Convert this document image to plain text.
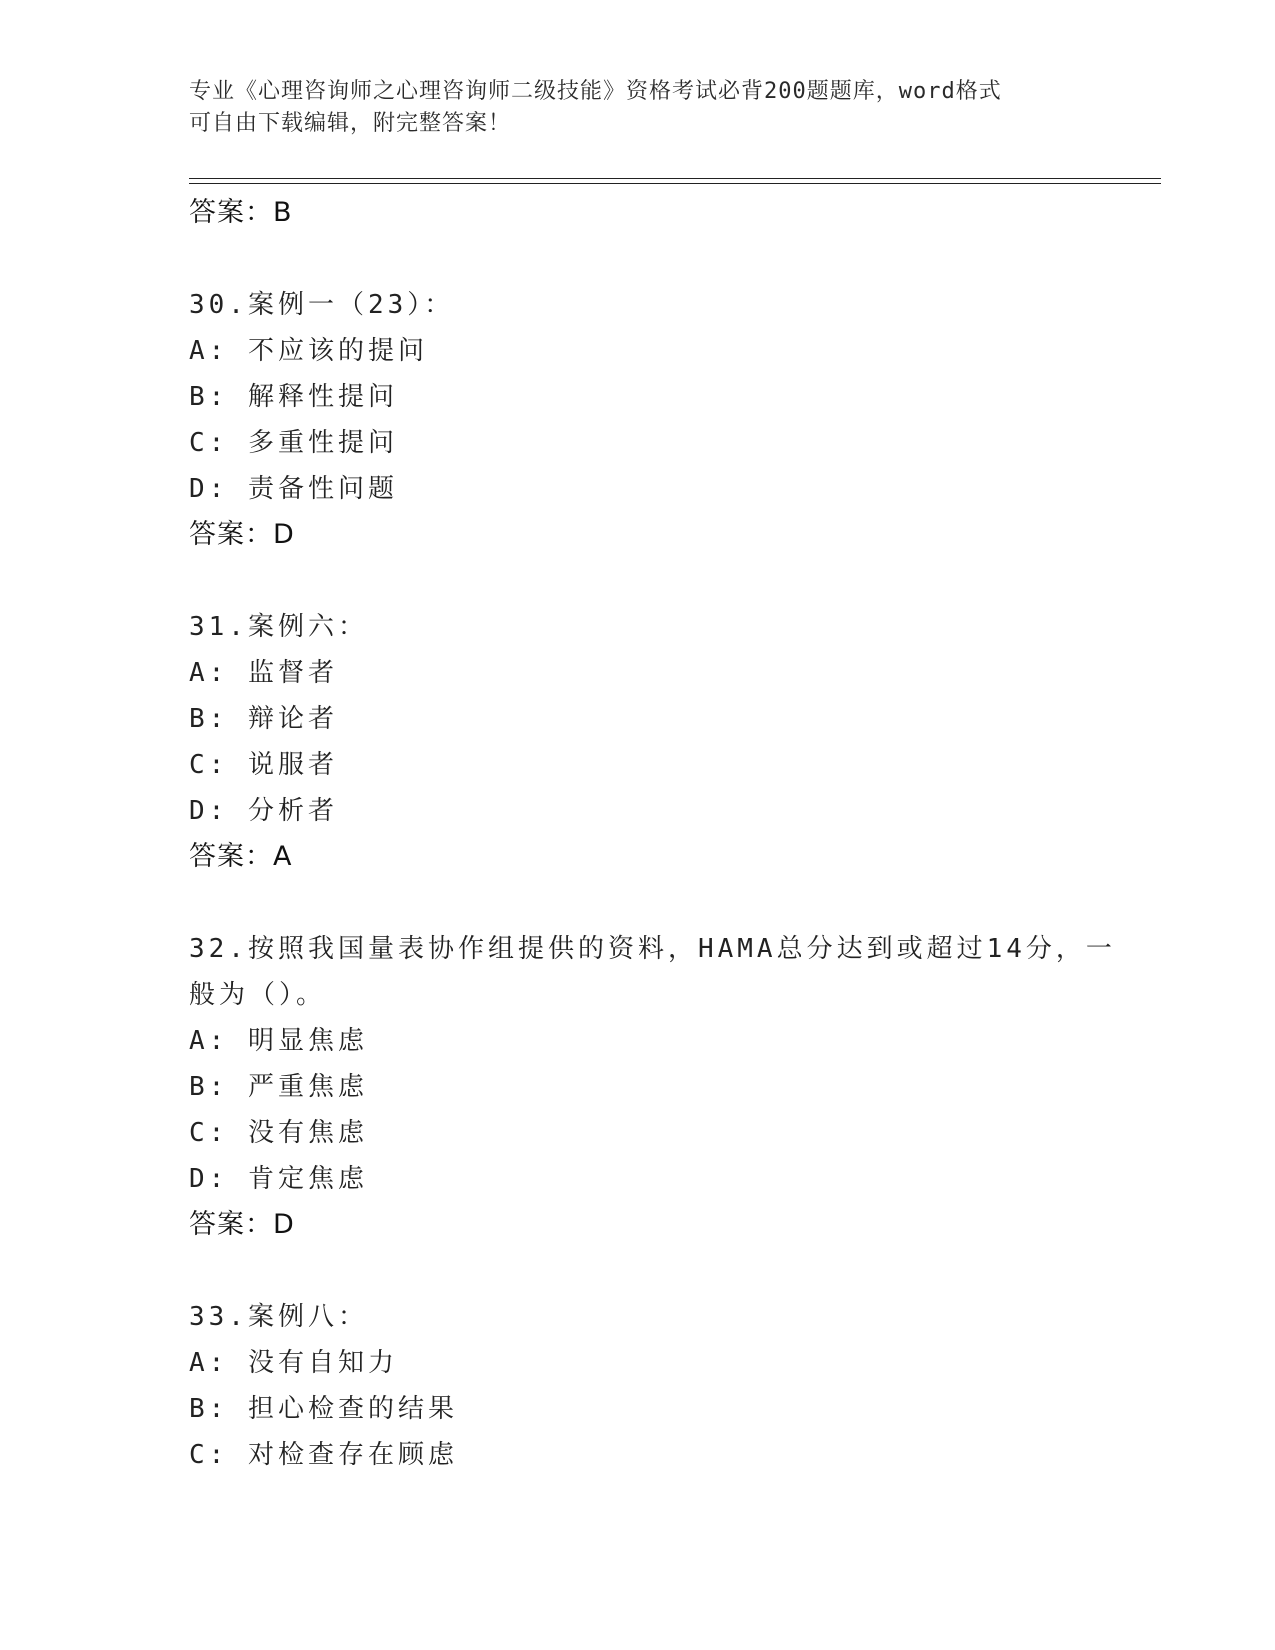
专业《心理咨询师之心理咨询师二级技能》资格考试必背200题题库，word格式
可自由下载编辑，附完整答案！
答案：B
30.案例一（23）：
A: 不应该的提问
B: 解释性提问
C: 多重性提问
D: 责备性问题
答案：D
31.案例六：
A: 监督者
B: 辩论者
C: 说服者
D: 分析者
答案：A
32.按照我国量表协作组提供的资料，HAMA总分达到或超过14分，一
般为（）。
A: 明显焦虑
B: 严重焦虑
C: 没有焦虑
D: 肯定焦虑
答案：D
33.案例八：
A: 没有自知力
B: 担心检查的结果
C: 对检查存在顾虑
